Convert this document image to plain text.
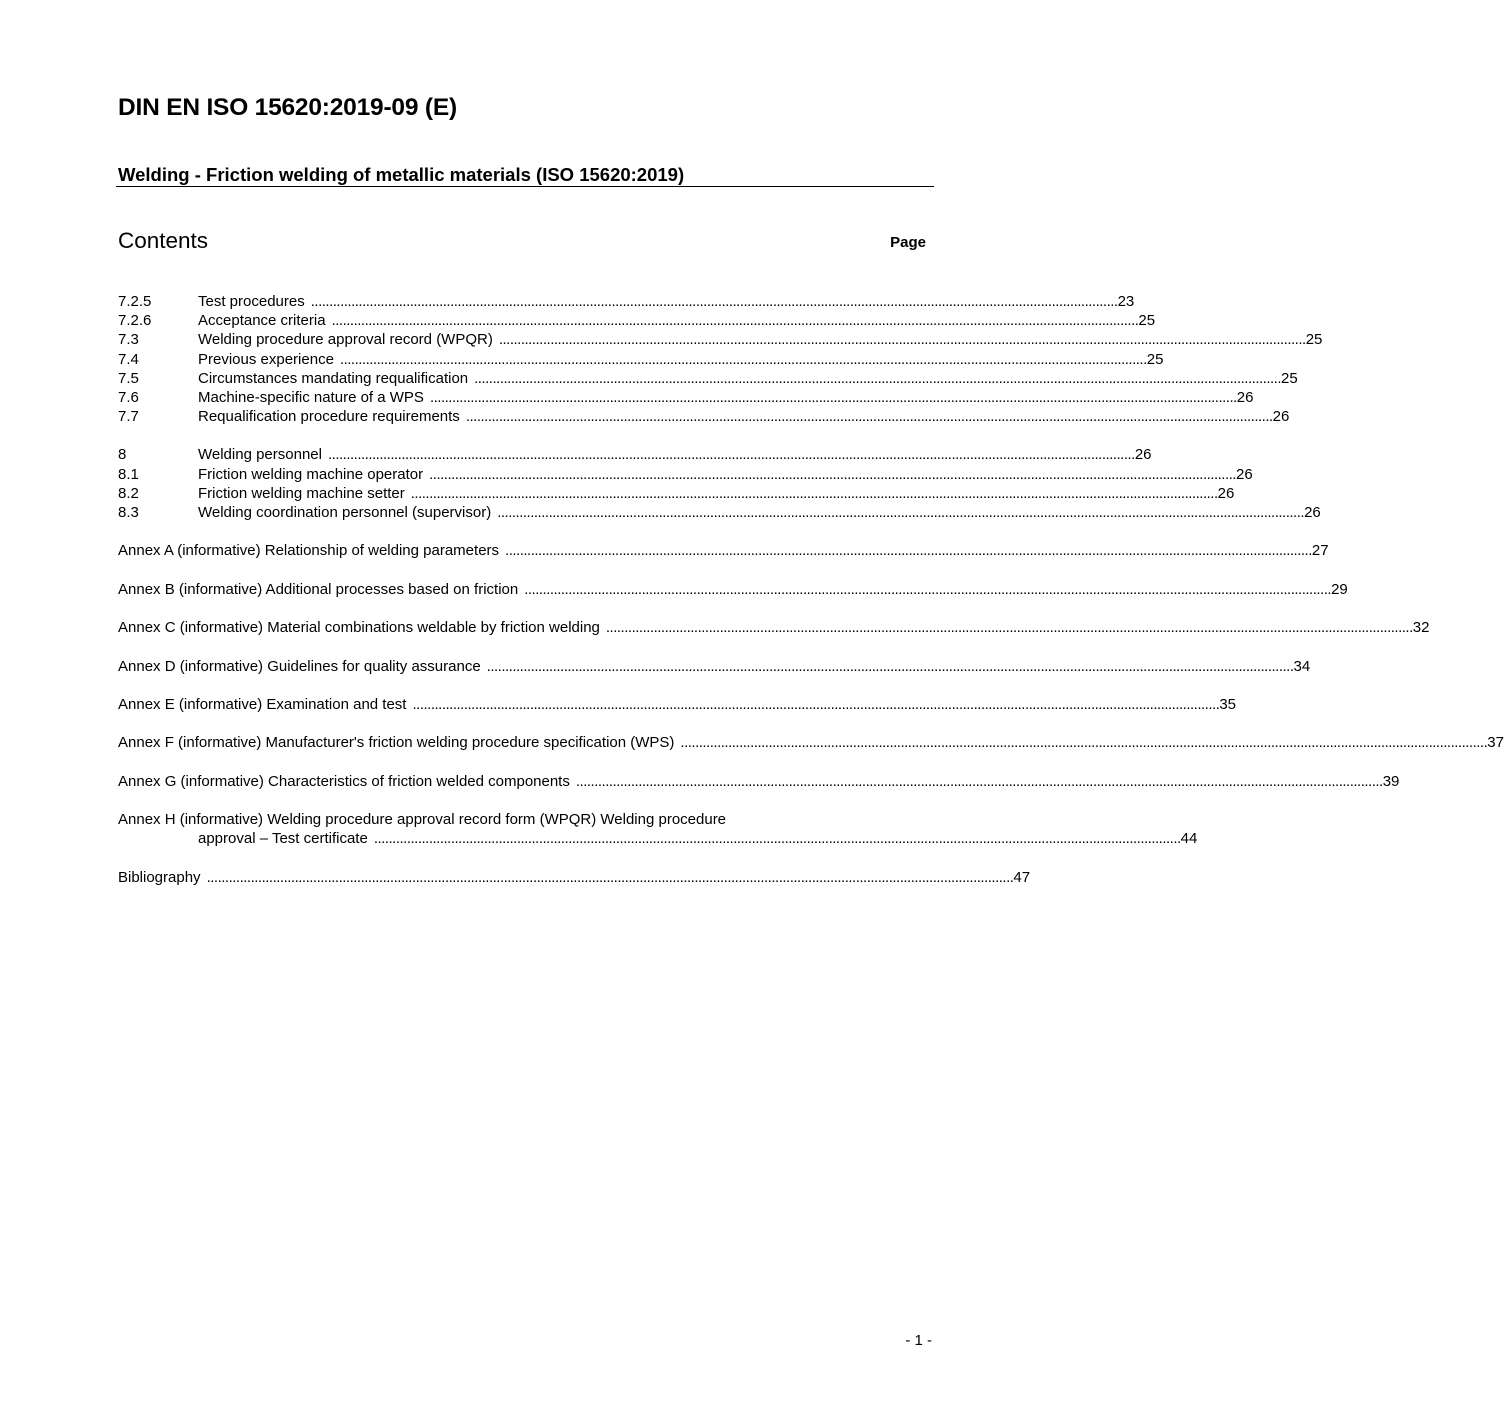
DIN EN ISO 15620:2019-09 (E)
Welding - Friction welding of metallic materials (ISO 15620:2019)
Contents	Page
7.2.5	Test procedures ............................................................................................................................................................................................................................ 23
7.2.6	Acceptance criteria ............................................................................................................................................................................................................................ 25
7.3	Welding procedure approval record (WPQR) ............................................................................................................................................................................................................................ 25
7.4	Previous experience ............................................................................................................................................................................................................................ 25
7.5	Circumstances mandating requalification ............................................................................................................................................................................................................................ 25
7.6	Machine-specific nature of a WPS ............................................................................................................................................................................................................................ 26
7.7	Requalification procedure requirements ............................................................................................................................................................................................................................ 26
8	Welding personnel ............................................................................................................................................................................................................................ 26
8.1	Friction welding machine operator ............................................................................................................................................................................................................................ 26
8.2	Friction welding machine setter ............................................................................................................................................................................................................................ 26
8.3	Welding coordination personnel (supervisor) ............................................................................................................................................................................................................................ 26
Annex A (informative) Relationship of welding parameters ............................................................................................................................................................................................................................ 27
Annex B (informative) Additional processes based on friction ............................................................................................................................................................................................................................ 29
Annex C (informative) Material combinations weldable by friction welding ............................................................................................................................................................................................................................ 32
Annex D (informative) Guidelines for quality assurance ............................................................................................................................................................................................................................ 34
Annex E (informative) Examination and test ............................................................................................................................................................................................................................ 35
Annex F (informative) Manufacturer's friction welding procedure specification (WPS) ............................................................................................................................................................................................................................ 37
Annex G (informative) Characteristics of friction welded components ............................................................................................................................................................................................................................ 39
Annex H (informative) Welding procedure approval record form (WPQR) Welding procedure
approval – Test certificate ............................................................................................................................................................................................................................ 44
Bibliography ............................................................................................................................................................................................................................ 47
- 1 -
